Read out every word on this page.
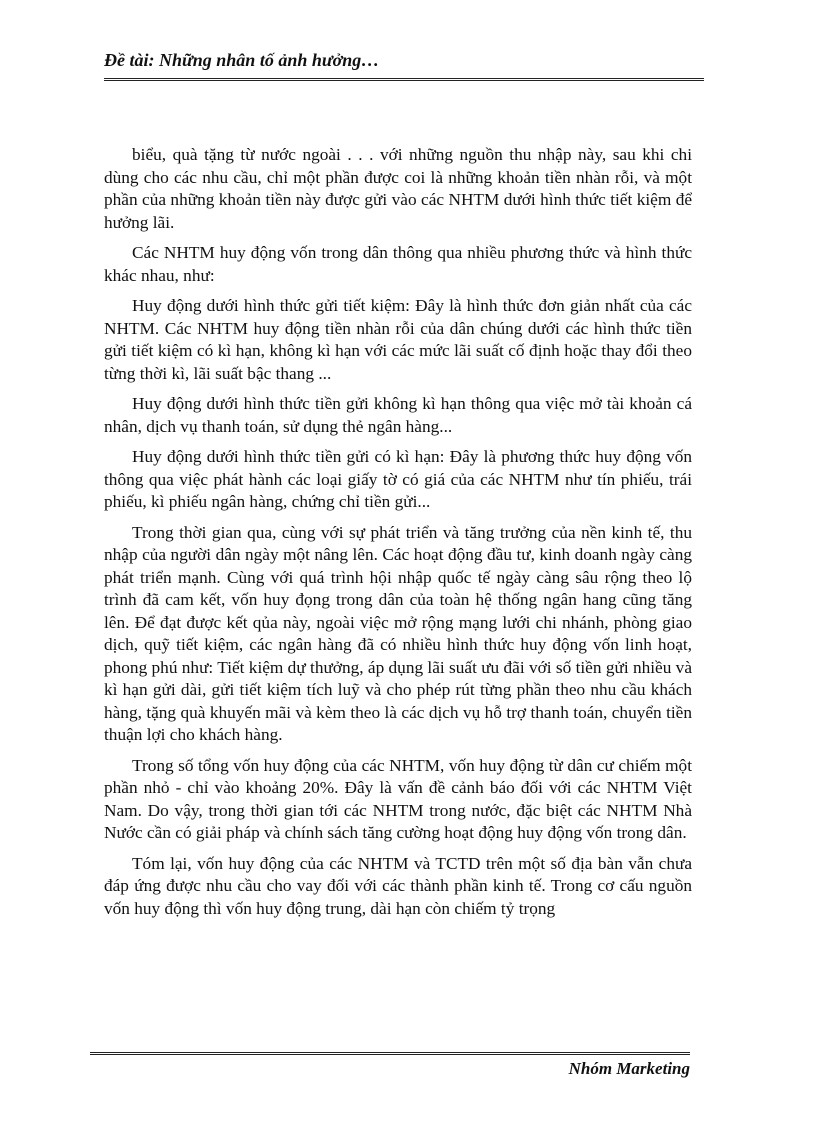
Đề tài: Những nhân tố ảnh hưởng…

biểu, quà tặng từ nước ngoài . . . với những nguồn thu nhập này, sau khi chi dùng cho các nhu cầu, chỉ một phần được coi là những khoản tiền nhàn rỗi, và một phần của những khoản tiền này được gửi vào các NHTM dưới hình thức tiết kiệm để hưởng lãi.

Các NHTM huy động vốn trong dân thông qua nhiều phương thức và hình thức khác nhau, như:

Huy động dưới hình thức gửi tiết kiệm: Đây là hình thức đơn giản nhất của các NHTM. Các NHTM huy động tiền nhàn rỗi của dân chúng dưới các hình thức tiền gửi tiết kiệm có kì hạn, không kì hạn với các mức lãi suất cố định hoặc thay đổi theo từng thời kì, lãi suất bậc thang ...

Huy động dưới hình thức tiền gửi không kì hạn thông qua việc mở tài khoản cá nhân, dịch vụ thanh toán, sử dụng thẻ ngân hàng...

Huy động dưới hình thức tiền gửi có kì hạn: Đây là phương thức huy động vốn thông qua việc phát hành các loại giấy tờ có giá của các NHTM như tín phiếu, trái phiếu, kì phiếu ngân hàng, chứng chỉ tiền gửi...

Trong thời gian qua, cùng với sự phát triển và tăng trưởng của nền kinh tế, thu nhập của người dân ngày một nâng lên. Các hoạt động đầu tư, kinh doanh ngày càng phát triển mạnh. Cùng với quá trình hội nhập quốc tế ngày càng sâu rộng theo lộ trình đã cam kết, vốn huy đọng trong dân của toàn hệ thống ngân hang cũng tăng lên. Để đạt được kết qủa này, ngoài việc mở rộng mạng lưới chi nhánh, phòng giao dịch, quỹ tiết kiệm, các ngân hàng đã có nhiều hình thức huy động vốn linh hoạt, phong phú như: Tiết kiệm dự thưởng, áp dụng lãi suất ưu đãi với số tiền gửi nhiều và kì hạn gửi dài, gửi tiết kiệm tích luỹ và cho phép rút từng phần theo nhu cầu khách hàng, tặng quà khuyến mãi và kèm theo là các dịch vụ hỗ trợ thanh toán, chuyển tiền thuận lợi cho khách hàng.

Trong số tổng vốn huy động của các NHTM, vốn huy động từ dân cư chiếm một phần nhỏ - chỉ vào khoảng 20%. Đây là vấn đề cảnh báo đối với các NHTM Việt Nam. Do vậy, trong thời gian tới các NHTM trong nước, đặc biệt các NHTM Nhà Nước cần có giải pháp và chính sách tăng cường hoạt động huy động vốn trong dân.

Tóm lại, vốn huy động của các NHTM và TCTD trên một số địa bàn vẫn chưa đáp ứng được nhu cầu cho vay đối với các thành phần kinh tế. Trong cơ cấu nguồn vốn huy động thì vốn huy động trung, dài hạn còn chiếm tỷ trọng

Nhóm Marketing
